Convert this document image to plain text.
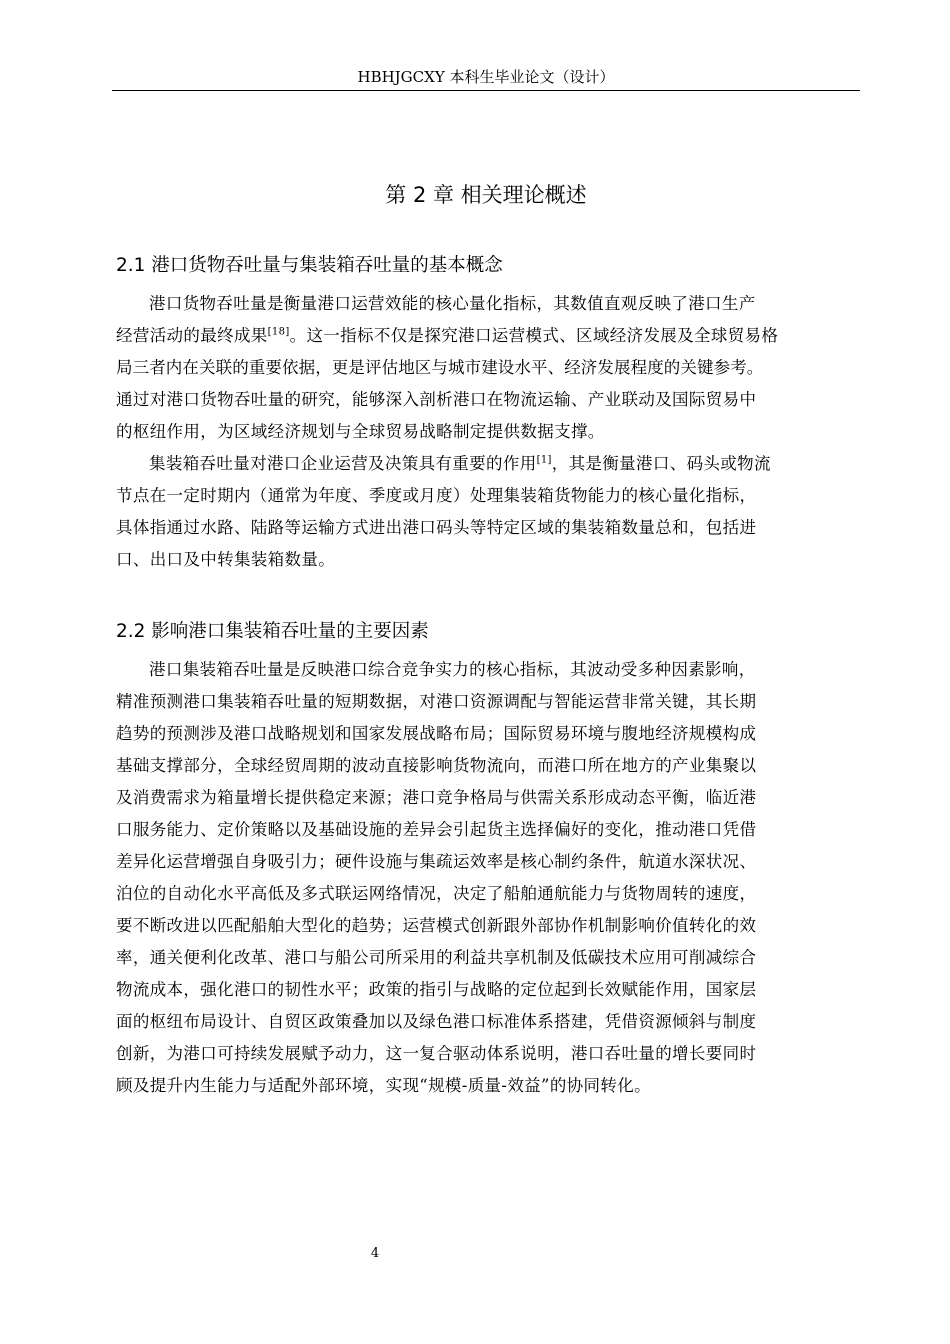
HBHJGCXY 本科生毕业论文（设计）
第 2 章 相关理论概述
2.1 港口货物吞吐量与集装箱吞吐量的基本概念
港口货物吞吐量是衡量港口运营效能的核心量化指标，其数值直观反映了港口生产
经营活动的最终成果[18]。这一指标不仅是探究港口运营模式、区域经济发展及全球贸易格
局三者内在关联的重要依据，更是评估地区与城市建设水平、经济发展程度的关键参考。
通过对港口货物吞吐量的研究，能够深入剖析港口在物流运输、产业联动及国际贸易中
的枢纽作用，为区域经济规划与全球贸易战略制定提供数据支撑。
集装箱吞吐量对港口企业运营及决策具有重要的作用[1]，其是衡量港口、码头或物流
节点在一定时期内（通常为年度、季度或月度）处理集装箱货物能力的核心量化指标，
具体指通过水路、陆路等运输方式进出港口码头等特定区域的集装箱数量总和，包括进
口、出口及中转集装箱数量。
2.2 影响港口集装箱吞吐量的主要因素
港口集装箱吞吐量是反映港口综合竞争实力的核心指标，其波动受多种因素影响，
精准预测港口集装箱吞吐量的短期数据，对港口资源调配与智能运营非常关键，其长期
趋势的预测涉及港口战略规划和国家发展战略布局；国际贸易环境与腹地经济规模构成
基础支撑部分，全球经贸周期的波动直接影响货物流向，而港口所在地方的产业集聚以
及消费需求为箱量增长提供稳定来源；港口竞争格局与供需关系形成动态平衡，临近港
口服务能力、定价策略以及基础设施的差异会引起货主选择偏好的变化，推动港口凭借
差异化运营增强自身吸引力；硬件设施与集疏运效率是核心制约条件，航道水深状况、
泊位的自动化水平高低及多式联运网络情况，决定了船舶通航能力与货物周转的速度，
要不断改进以匹配船舶大型化的趋势；运营模式创新跟外部协作机制影响价值转化的效
率，通关便利化改革、港口与船公司所采用的利益共享机制及低碳技术应用可削减综合
物流成本，强化港口的韧性水平；政策的指引与战略的定位起到长效赋能作用，国家层
面的枢纽布局设计、自贸区政策叠加以及绿色港口标准体系搭建，凭借资源倾斜与制度
创新，为港口可持续发展赋予动力，这一复合驱动体系说明，港口吞吐量的增长要同时
顾及提升内生能力与适配外部环境，实现“规模-质量-效益”的协同转化。
4
